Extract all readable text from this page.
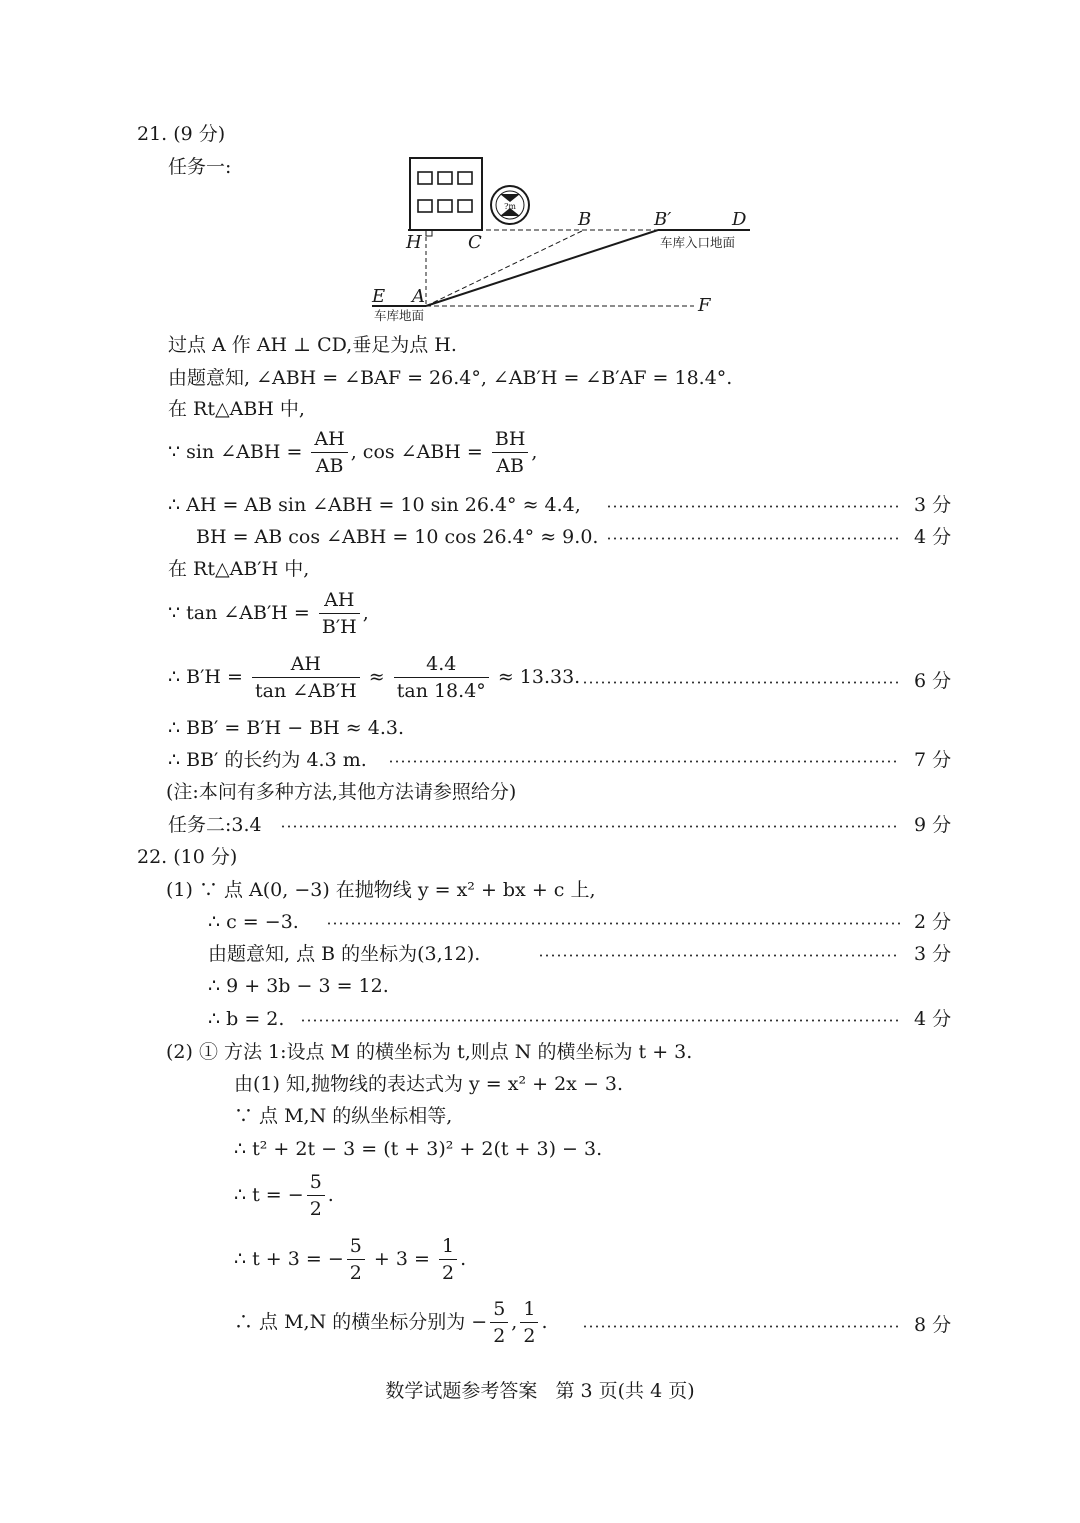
21. (9 分)
任务一:
?m
H	C
B	B′	D
E A	F
车库入口地面
车库地面
过点 A 作 AH ⊥ CD,垂足为点 H.
由题意知, ∠ABH = ∠BAF = 26.4°, ∠AB′H = ∠B′AF = 18.4°.
在 Rt△ABH 中,
∵ sin ∠ABH = $\frac{AH}{AB}$ , cos ∠ABH = $\frac{BH}{AB}$ ,
∴ AH = AB sin ∠ABH = 10 sin 26.4° ≈ 4.4,	3 分
BH = AB cos ∠ABH = 10 cos 26.4° ≈ 9.0.	4 分
在 Rt△AB′H 中,
∵ tan ∠AB′H = $\frac{AH}{B'H}$ ,
∴ $B'H = \frac{AH}{\tan \angle AB'H} \approx \frac{4.4}{\tan 18.4^\circ} \approx 13.33$.	6 分
∴ BB′ = B′H − BH ≈ 4.3.
∴ BB′ 的长约为 4.3 m.	7 分
(注:本问有多种方法,其他方法请参照给分)
任务二:3.4	9 分
22. (10 分)
(1) ∵ 点 A(0, −3) 在抛物线 y = x² + bx + c 上,
∴ c = −3.	2 分
由题意知, 点 B 的坐标为(3,12).	3 分
∴ 9 + 3b − 3 = 12.
∴ b = 2.	4 分
(2) ① 方法 1:设点 M 的横坐标为 t,则点 N 的横坐标为 t + 3.
由(1) 知,抛物线的表达式为 y = x² + 2x − 3.
∵ 点 M,N 的纵坐标相等,
∴ t² + 2t − 3 = (t + 3)² + 2(t + 3) − 3.
∴ t = − $\frac{5}{2}$ .
∴ t + 3 = − $\frac{5}{2} + 3 = \frac{1}{2}$ .
∴ 点 M,N 的横坐标分别为 − $\frac{5}{2}$ , $\frac{1}{2}$ .	8 分
数学试题参考答案   第 3 页(共 4 页)
